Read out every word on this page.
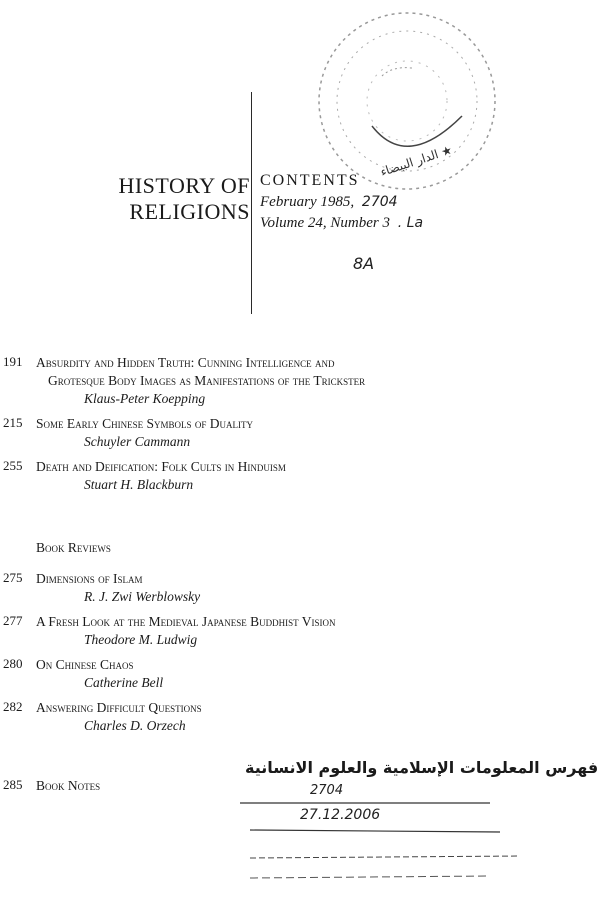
الدار البيضاء ★
HISTORY OF
RELIGIONS
CONTENTS
February 1985, 2704
Volume 24, Number 3 . La
8A
191 Absurdity and Hidden Truth: Cunning Intelligence and
Grotesque Body Images as Manifestations of the Trickster
Klaus-Peter Koepping
215 Some Early Chinese Symbols of Duality
Schuyler Cammann
255 Death and Deification: Folk Cults in Hinduism
Stuart H. Blackburn
Book Reviews
275 Dimensions of Islam
R. J. Zwi Werblowsky
277 A Fresh Look at the Medieval Japanese Buddhist Vision
Theodore M. Ludwig
280 On Chinese Chaos
Catherine Bell
282 Answering Difficult Questions
Charles D. Orzech
285 Book Notes
فهرس المعلومات الإسلامية والعلوم الانسانية
2704
27.12.2006
